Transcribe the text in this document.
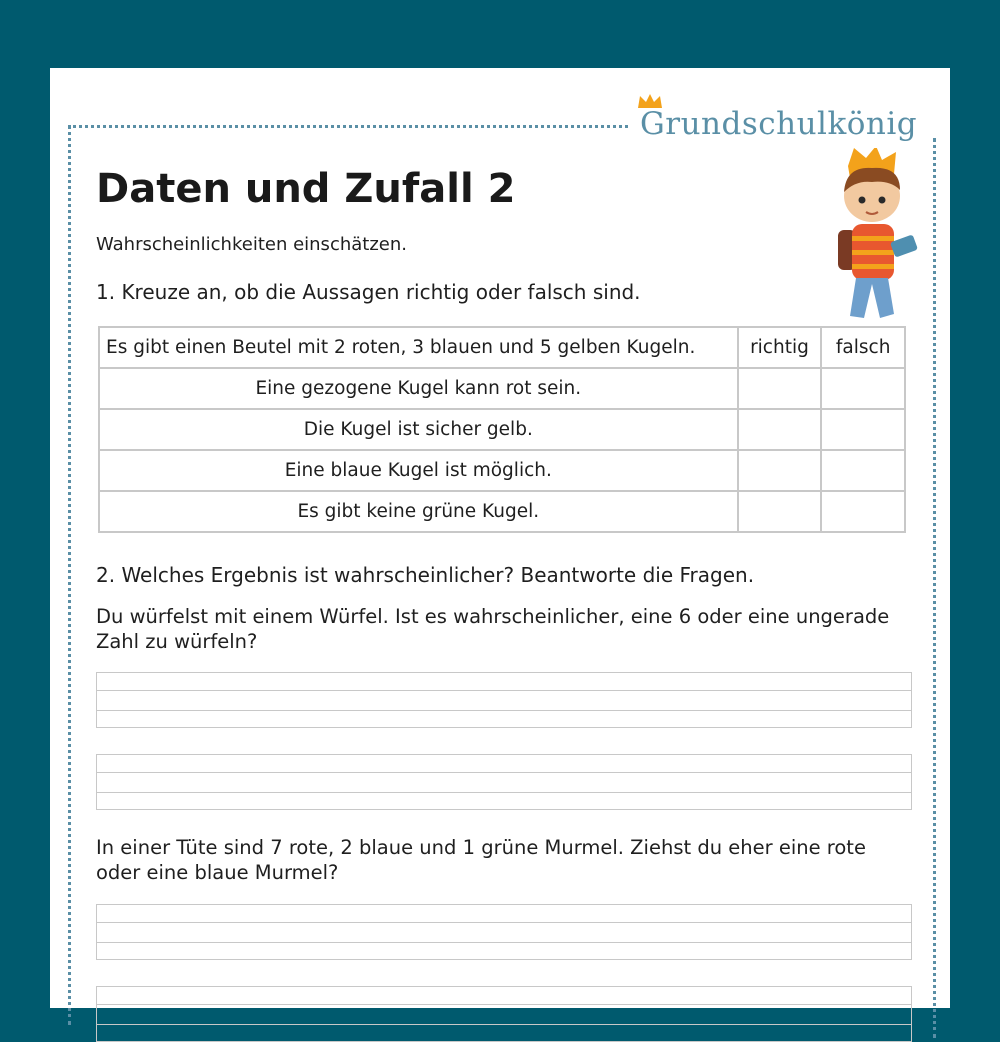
Grundschulkönig
Daten und Zufall 2
Wahrscheinlichkeiten einschätzen.
1. Kreuze an, ob die Aussagen richtig oder falsch sind.
Es gibt einen Beutel mit 2 roten, 3 blauen und 5 gelben Kugeln.	richtig	falsch
Eine gezogene Kugel kann rot sein.		
Die Kugel ist sicher gelb.		
Eine blaue Kugel ist möglich.		
Es gibt keine grüne Kugel.		
2. Welches Ergebnis ist wahrscheinlicher? Beantworte die Fragen.
Du würfelst mit einem Würfel. Ist es wahrscheinlicher, eine 6 oder eine ungerade Zahl zu würfeln?
In einer Tüte sind 7 rote, 2 blaue und 1 grüne Murmel. Ziehst du eher eine rote oder eine blaue Murmel?
